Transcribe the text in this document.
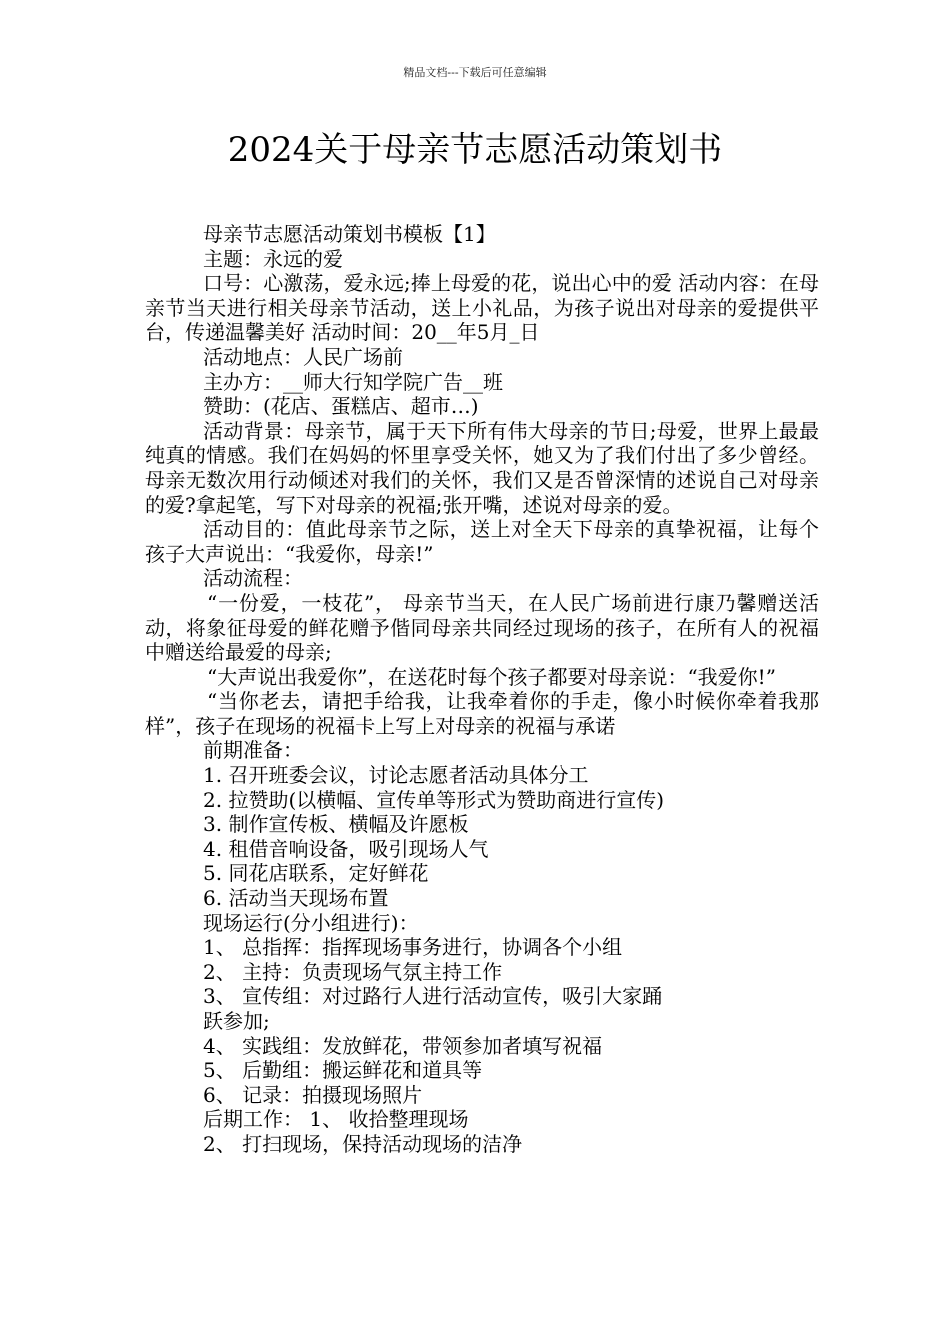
精品文档---下载后可任意编辑
2024关于母亲节志愿活动策划书

母亲节志愿活动策划书模板【1】

主题：永远的爱

口号：心激荡，爱永远;捧上母爱的花，说出心中的爱 活动内容：在母亲节当天进行相关母亲节活动，送上小礼品，为孩子说出对母亲的爱提供平台，传递温馨美好 活动时间：20__年5月_日

活动地点：人民广场前

主办方：__师大行知学院广告__班

赞助：(花店、蛋糕店、超市…)

活动背景：母亲节，属于天下所有伟大母亲的节日;母爱，世界上最最纯真的情感。我们在妈妈的怀里享受关怀，她又为了我们付出了多少曾经。母亲无数次用行动倾述对我们的关怀，我们又是否曾深情的述说自己对母亲的爱?拿起笔，写下对母亲的祝福;张开嘴，述说对母亲的爱。

活动目的：值此母亲节之际，送上对全天下母亲的真挚祝福，让每个孩子大声说出：“我爱你，母亲!”

活动流程：

“一份爱，一枝花”， 母亲节当天，在人民广场前进行康乃馨赠送活动，将象征母爱的鲜花赠予偕同母亲共同经过现场的孩子，在所有人的祝福中赠送给最爱的母亲;

“大声说出我爱你”，在送花时每个孩子都要对母亲说：“我爱你!”

“当你老去，请把手给我，让我牵着你的手走，像小时候你牵着我那样”，孩子在现场的祝福卡上写上对母亲的祝福与承诺

前期准备：

1. 召开班委会议，讨论志愿者活动具体分工

2. 拉赞助(以横幅、宣传单等形式为赞助商进行宣传)

3. 制作宣传板、横幅及许愿板

4. 租借音响设备，吸引现场人气

5. 同花店联系，定好鲜花

6. 活动当天现场布置

现场运行(分小组进行)：

1、 总指挥：指挥现场事务进行，协调各个小组

2、 主持：负责现场气氛主持工作

3、 宣传组：对过路行人进行活动宣传，吸引大家踊

跃参加;

4、 实践组：发放鲜花，带领参加者填写祝福

5、 后勤组：搬运鲜花和道具等

6、 记录：拍摄现场照片

后期工作： 1、 收拾整理现场

2、 打扫现场，保持活动现场的洁净
